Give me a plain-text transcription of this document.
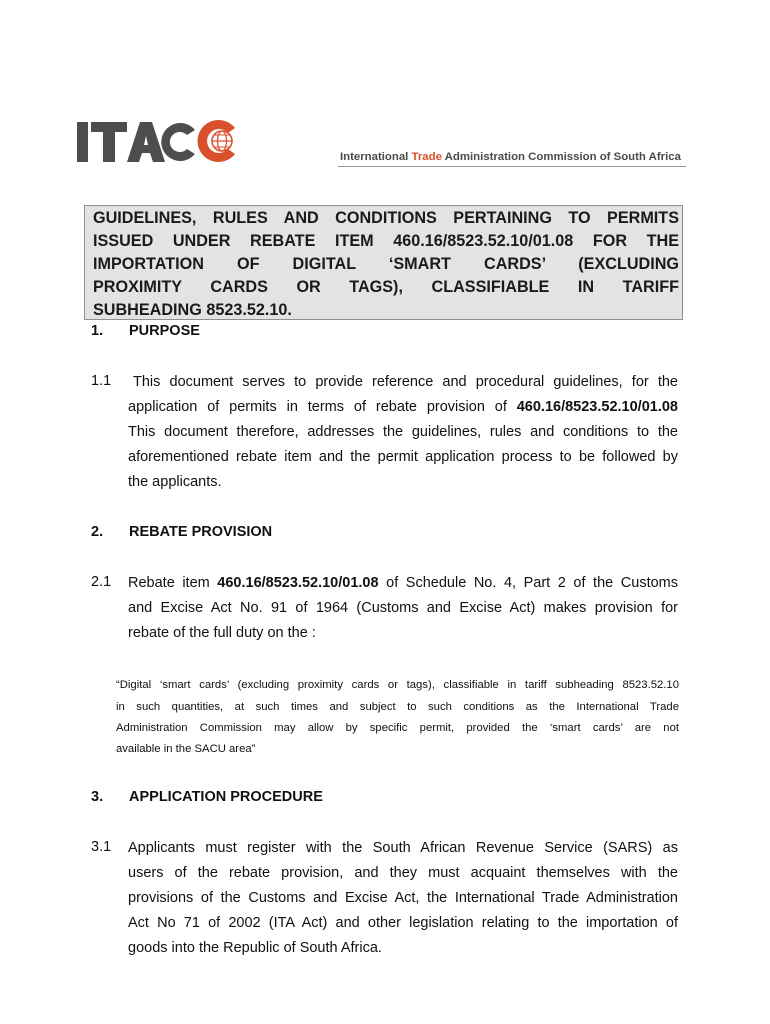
International Trade Administration Commission of South Africa
GUIDELINES, RULES AND CONDITIONS PERTAINING TO PERMITS
ISSUED UNDER REBATE ITEM 460.16/8523.52.10/01.08 FOR THE
IMPORTATION OF DIGITAL ‘SMART CARDS’ (EXCLUDING
PROXIMITY CARDS OR TAGS), CLASSIFIABLE IN TARIFF
SUBHEADING 8523.52.10.
1. PURPOSE
1.1 This document serves to provide reference and procedural guidelines, for the
application of permits in terms of rebate provision of 460.16/8523.52.10/01.08
This document therefore, addresses the guidelines, rules and conditions to the
aforementioned rebate item and the permit application process to be followed by
the applicants.
2. REBATE PROVISION
2.1 Rebate item 460.16/8523.52.10/01.08 of Schedule No. 4, Part 2 of the Customs
and Excise Act No. 91 of 1964 (Customs and Excise Act) makes provision for
rebate of the full duty on the :
“Digital ‘smart cards’ (excluding proximity cards or tags), classifiable in tariff subheading 8523.52.10
in such quantities, at such times and subject to such conditions as the International Trade
Administration Commission may allow by specific permit, provided the ‘smart cards’ are not
available in the SACU area”
3. APPLICATION PROCEDURE
3.1 Applicants must register with the South African Revenue Service (SARS) as
users of the rebate provision, and they must acquaint themselves with the
provisions of the Customs and Excise Act, the International Trade Administration
Act No 71 of 2002 (ITA Act) and other legislation relating to the importation of
goods into the Republic of South Africa.
